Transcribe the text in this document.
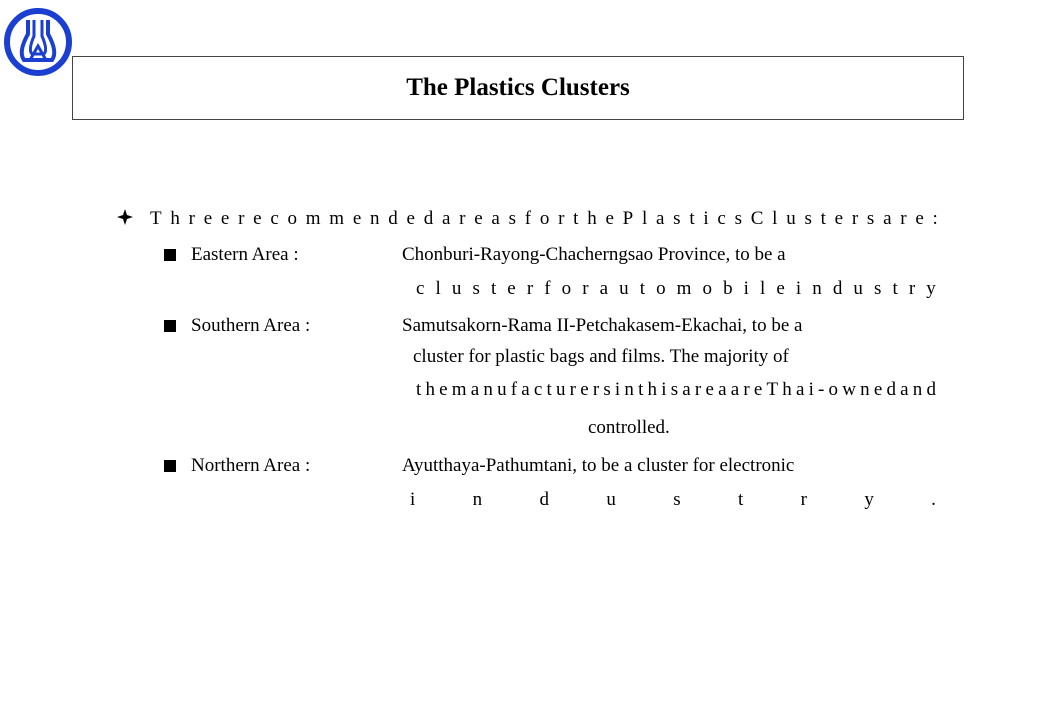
The Plastics Clusters
T h r e e r e c o m m e n d e d a r e a s f o r t h e P l a s t i c s C l u s t e r s a r e :
Eastern Area :	Chonburi-Rayong-Chacherngsao Province, to be a
c l u s t e r f o r a u t o m o b i l e i n d u s t r y
Southern Area :	Samutsakorn-Rama II-Petchakasem-Ekachai, to be a
cluster for plastic bags and films. The majority of
t h e m a n u f a c t u r e r s i n t h i s a r e a a r e T h a i - o w n e d a n d
controlled.
Northern Area :	Ayutthaya-Pathumtani, to be a cluster for electronic
i	n	d	u	s	t	r	y	.
